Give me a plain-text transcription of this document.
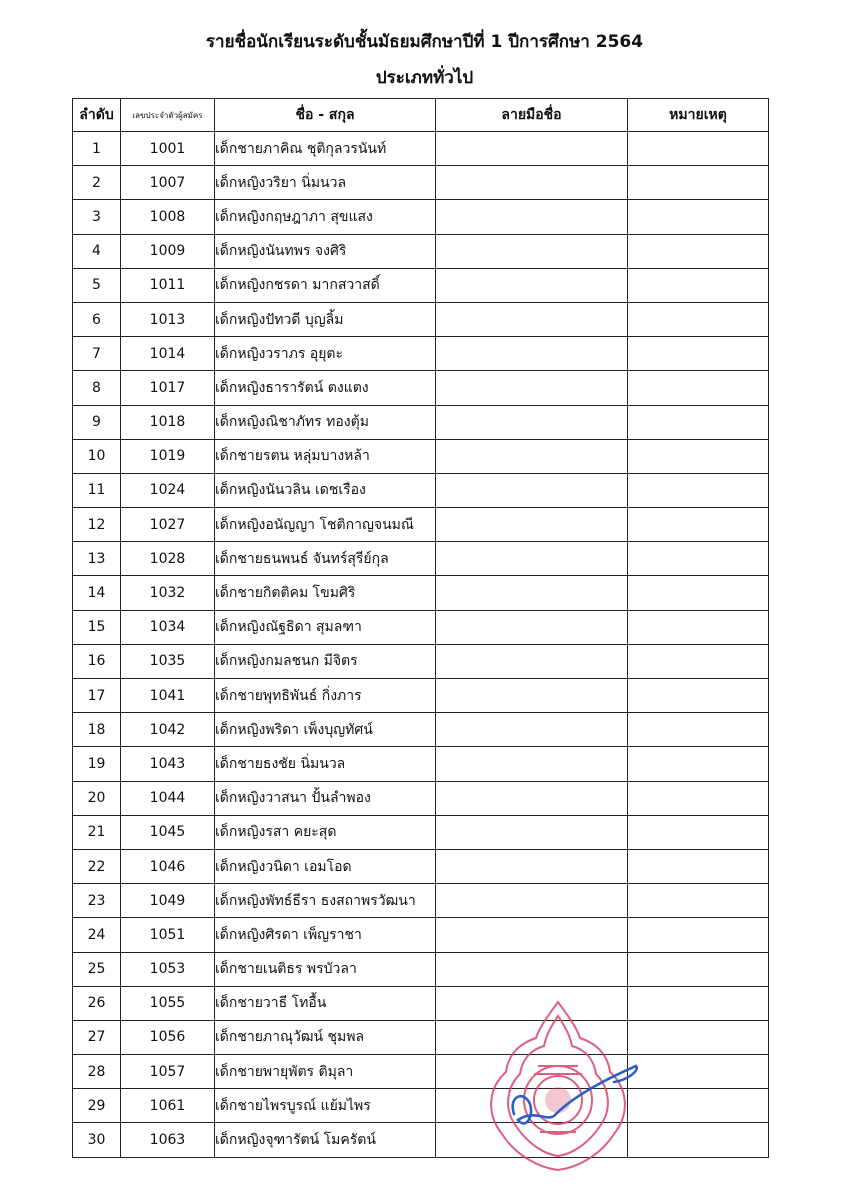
รายชื่อนักเรียนระดับชั้นมัธยมศึกษาปีที่ 1 ปีการศึกษา 2564
ประเภททั่วไป
ลำดับ	เลขประจำตัวผู้สมัคร	ชื่อ - สกุล	ลายมือชื่อ	หมายเหตุ
1	1001	เด็กชายภาคิณ ชุติกุลวรนันท์		
2	1007	เด็กหญิงวริยา นิ่มนวล		
3	1008	เด็กหญิงกฤษฎาภา สุขแสง		
4	1009	เด็กหญิงนันทพร จงศิริ		
5	1011	เด็กหญิงกชรดา มากสวาสดิ์		
6	1013	เด็กหญิงปัทวดี บุญลิ้ม		
7	1014	เด็กหญิงวราภร อุยุตะ		
8	1017	เด็กหญิงธารารัตน์ ตงแตง		
9	1018	เด็กหญิงณิชาภัทร ทองตุ้ม		
10	1019	เด็กชายรตน หลุ่มบางหล้า		
11	1024	เด็กหญิงนันวลิน เดชเรือง		
12	1027	เด็กหญิงอนัญญา โชติกาญจนมณี		
13	1028	เด็กชายธนพนธ์ จันทร์สุรีย์กุล		
14	1032	เด็กชายกิตติคม โขมศิริ		
15	1034	เด็กหญิงณัฐธิดา สุมลฑา		
16	1035	เด็กหญิงกมลชนก มีจิตร		
17	1041	เด็กชายพุทธิพันธ์ กิ่งภาร		
18	1042	เด็กหญิงพริดา เพ็งบุญทัศน์		
19	1043	เด็กชายธงชัย นิ่มนวล		
20	1044	เด็กหญิงวาสนา ปั้นลำพอง		
21	1045	เด็กหญิงรสา คยะสุด		
22	1046	เด็กหญิงวนิดา เอมโอด		
23	1049	เด็กหญิงพัทธ์ธีรา ธงสถาพรวัฒนา		
24	1051	เด็กหญิงศิรดา เพ็ญราชา		
25	1053	เด็กชายเนติธร พรบัวลา		
26	1055	เด็กชายวาธี โทอื้น		
27	1056	เด็กชายภาณุวัฒน์ ชุมพล		
28	1057	เด็กชายพายุพัตร ติมุลา		
29	1061	เด็กชายไพรบูรณ์ แย้มไพร		
30	1063	เด็กหญิงจุฑารัตน์ โมครัตน์		
